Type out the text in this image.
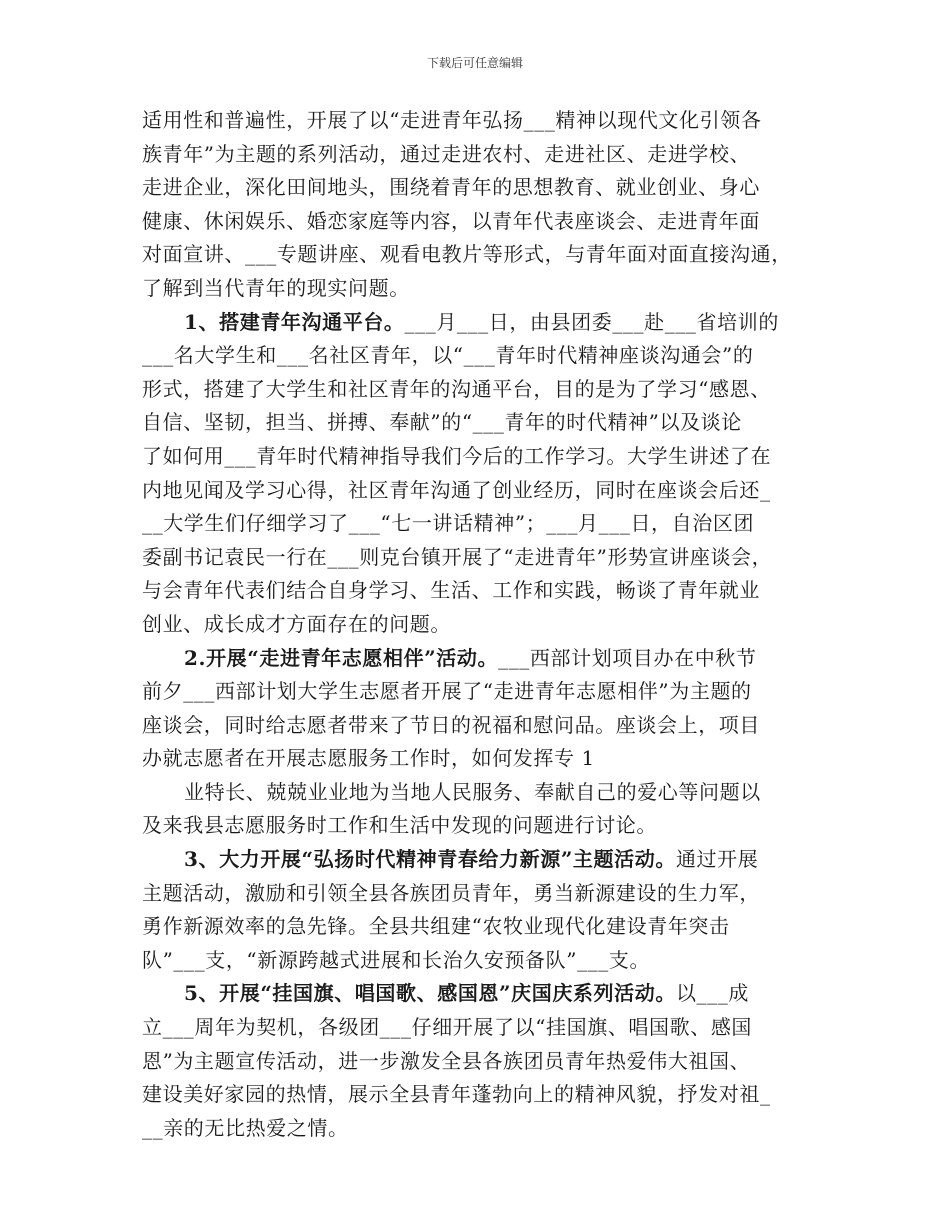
下载后可任意编辑
适用性和普遍性，开展了以“走进青年弘扬___精神以现代文化引领各
族青年”为主题的系列活动，通过走进农村、走进社区、走进学校、
走进企业，深化田间地头，围绕着青年的思想教育、就业创业、身心
健康、休闲娱乐、婚恋家庭等内容，以青年代表座谈会、走进青年面
对面宣讲、___专题讲座、观看电教片等形式，与青年面对面直接沟通，
了解到当代青年的现实问题。
1、搭建青年沟通平台。___月___日，由县团委___赴___省培训的
___名大学生和___名社区青年，以“___青年时代精神座谈沟通会”的
形式，搭建了大学生和社区青年的沟通平台，目的是为了学习“感恩、
自信、坚韧，担当、拼搏、奉献”的“___青年的时代精神”以及谈论
了如何用___青年时代精神指导我们今后的工作学习。大学生讲述了在
内地见闻及学习心得，社区青年沟通了创业经历，同时在座谈会后还_
__大学生们仔细学习了___“七一讲话精神”；___月___日，自治区团
委副书记袁民一行在___则克台镇开展了“走进青年”形势宣讲座谈会，
与会青年代表们结合自身学习、生活、工作和实践，畅谈了青年就业
创业、成长成才方面存在的问题。
2.开展“走进青年志愿相伴”活动。___西部计划项目办在中秋节
前夕___西部计划大学生志愿者开展了“走进青年志愿相伴”为主题的
座谈会，同时给志愿者带来了节日的祝福和慰问品。座谈会上，项目
办就志愿者在开展志愿服务工作时，如何发挥专 1
业特长、兢兢业业地为当地人民服务、奉献自己的爱心等问题以
及来我县志愿服务时工作和生活中发现的问题进行讨论。
3、大力开展“弘扬时代精神青春给力新源”主题活动。通过开展
主题活动，激励和引领全县各族团员青年，勇当新源建设的生力军，
勇作新源效率的急先锋。全县共组建“农牧业现代化建设青年突击
队”___支，“新源跨越式进展和长治久安预备队”___支。
5、开展“挂国旗、唱国歌、感国恩”庆国庆系列活动。以___成
立___周年为契机，各级团___仔细开展了以“挂国旗、唱国歌、感国
恩”为主题宣传活动，进一步激发全县各族团员青年热爱伟大祖国、
建设美好家园的热情，展示全县青年蓬勃向上的精神风貌，抒发对祖_
__亲的无比热爱之情。
